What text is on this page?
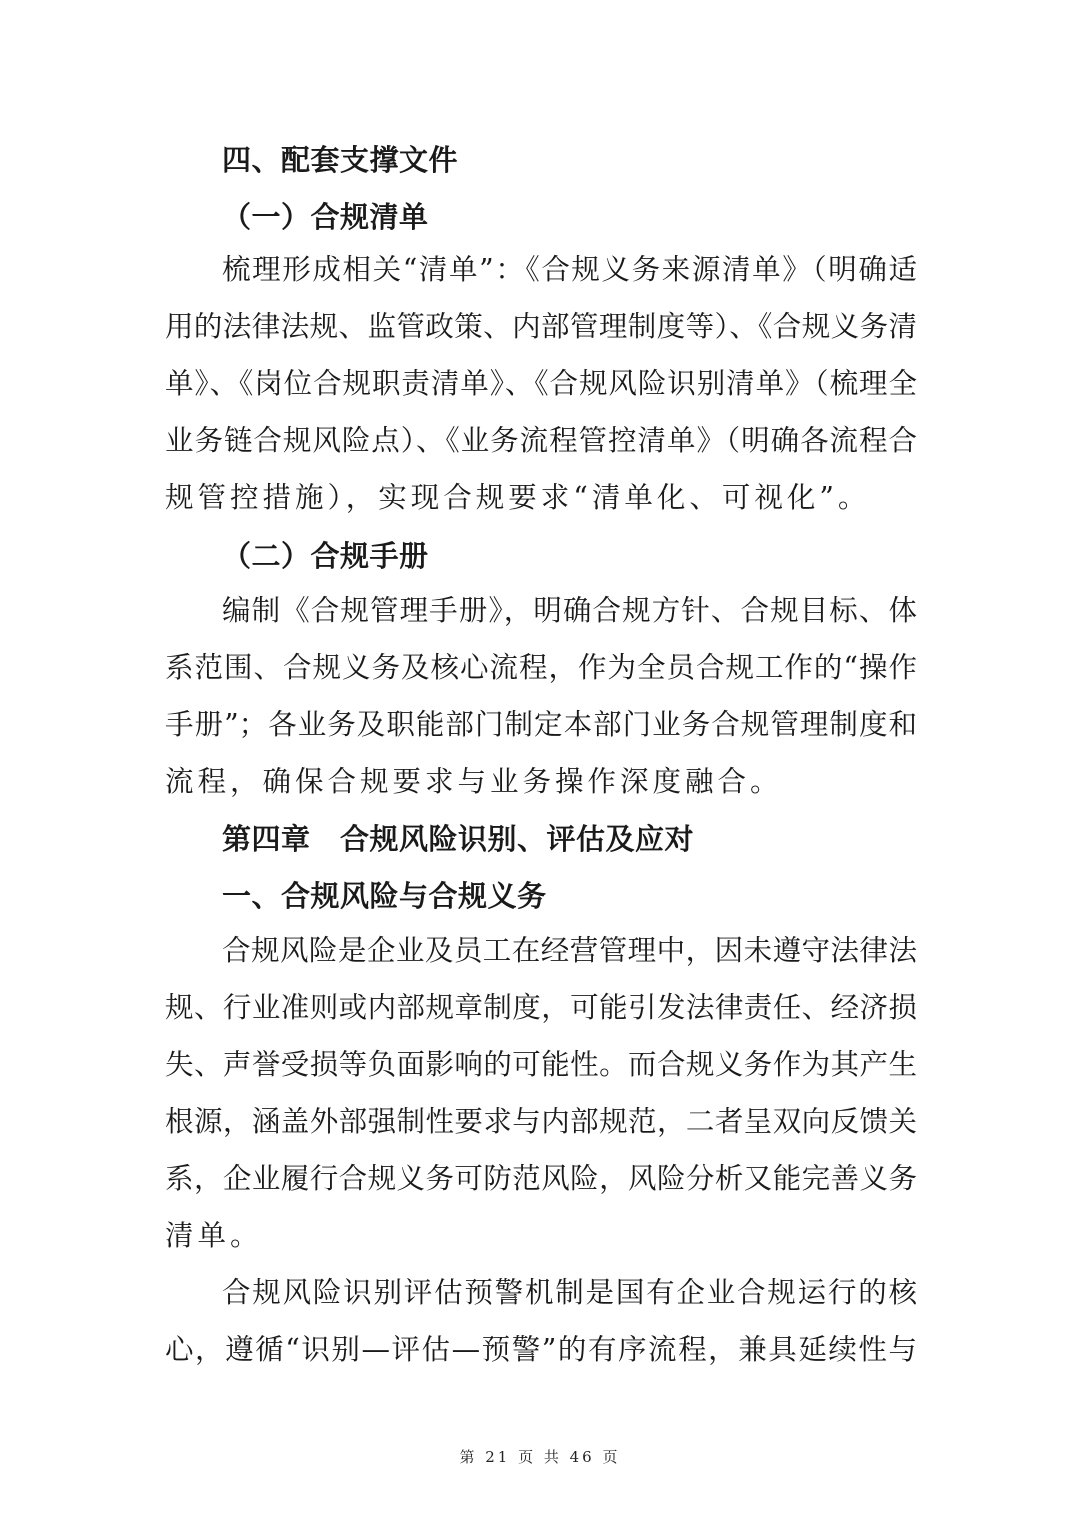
四、配套支撑文件
（一）合规清单
梳理形成相关“清单”：《合规义务来源清单》（明确适
用的法律法规、监管政策、内部管理制度等）、《合规义务清
单》、《岗位合规职责清单》、《合规风险识别清单》（梳理全
业务链合规风险点）、《业务流程管控清单》（明确各流程合
规管控措施），实现合规要求“清单化、可视化”。
（二）合规手册
编制《合规管理手册》，明确合规方针、合规目标、体
系范围、合规义务及核心流程，作为全员合规工作的“操作
手册”；各业务及职能部门制定本部门业务合规管理制度和
流程，确保合规要求与业务操作深度融合。
第四章　合规风险识别、评估及应对
一、合规风险与合规义务
合规风险是企业及员工在经营管理中，因未遵守法律法
规、行业准则或内部规章制度，可能引发法律责任、经济损
失、声誉受损等负面影响的可能性。而合规义务作为其产生
根源，涵盖外部强制性要求与内部规范，二者呈双向反馈关
系，企业履行合规义务可防范风险，风险分析又能完善义务
清单。
合规风险识别评估预警机制是国有企业合规运行的核
心，遵循“识别—评估—预警”的有序流程，兼具延续性与
第 21 页 共 46 页
